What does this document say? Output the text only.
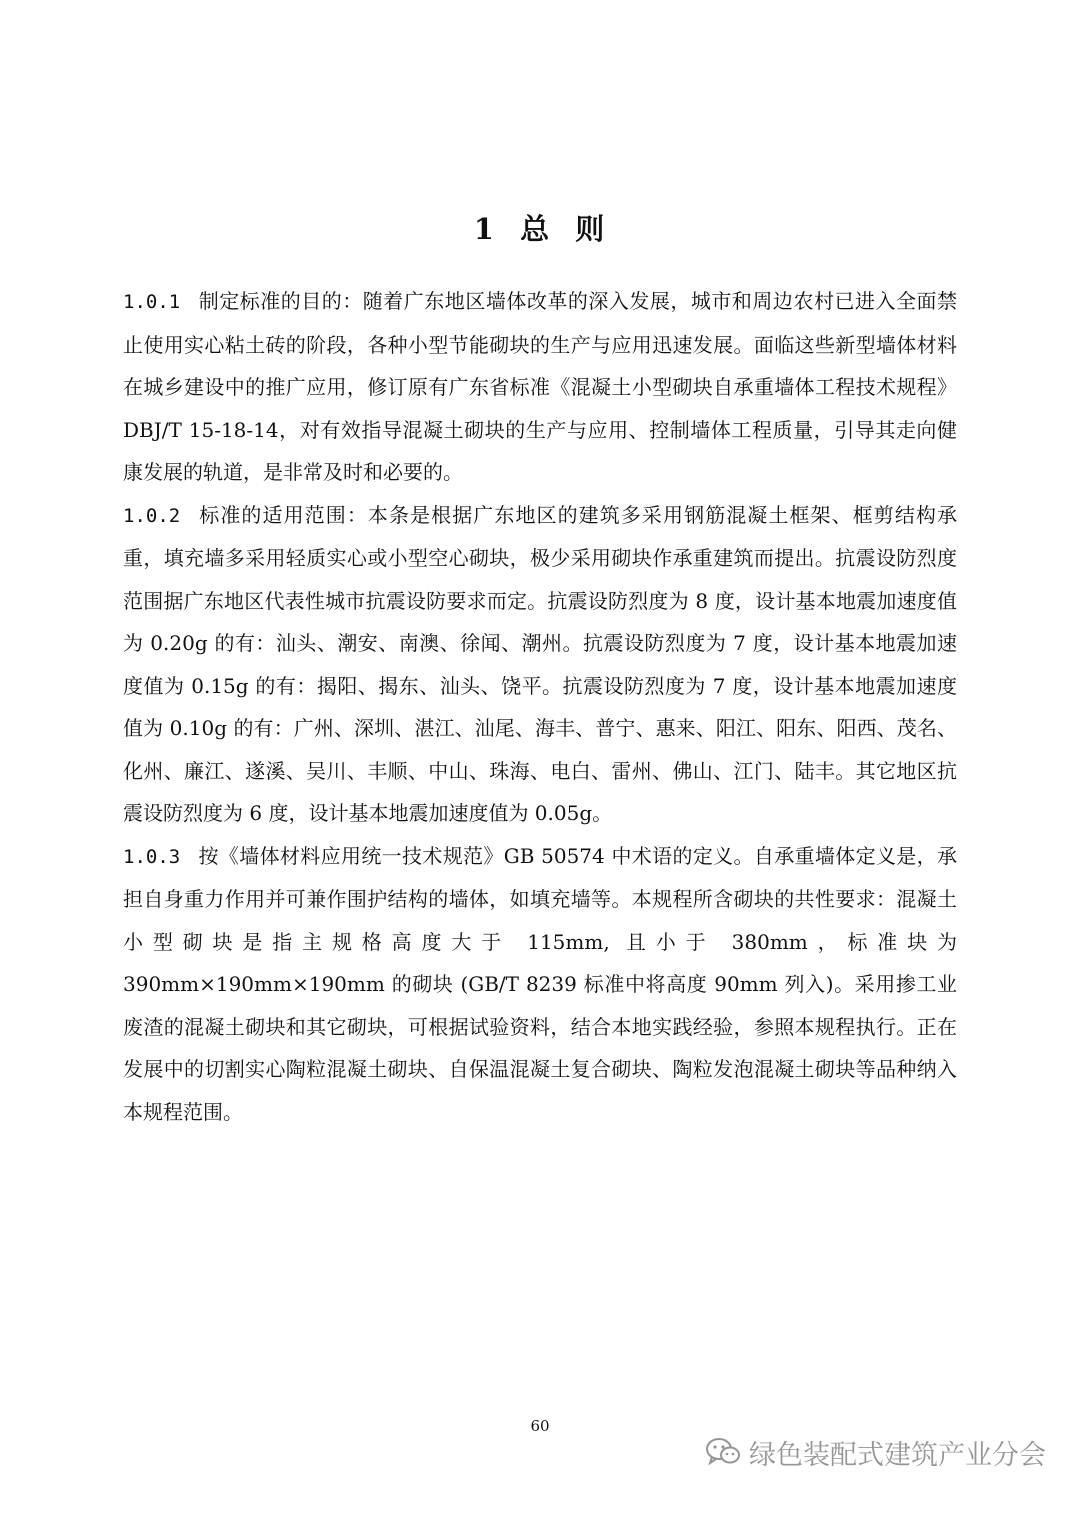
1  总  则

1.0.1 制定标准的目的：随着广东地区墙体改革的深入发展，城市和周边农村已进入全面禁止使用实心粘土砖的阶段，各种小型节能砌块的生产与应用迅速发展。面临这些新型墙体材料在城乡建设中的推广应用，修订原有广东省标准《混凝土小型砌块自承重墙体工程技术规程》DBJ/T 15-18-14，对有效指导混凝土砌块的生产与应用、控制墙体工程质量，引导其走向健康发展的轨道，是非常及时和必要的。

1.0.2 标准的适用范围：本条是根据广东地区的建筑多采用钢筋混凝土框架、框剪结构承重，填充墙多采用轻质实心或小型空心砌块，极少采用砌块作承重建筑而提出。抗震设防烈度范围据广东地区代表性城市抗震设防要求而定。抗震设防烈度为 8 度，设计基本地震加速度值为 0.20g 的有：汕头、潮安、南澳、徐闻、潮州。抗震设防烈度为 7 度，设计基本地震加速度值为 0.15g 的有：揭阳、揭东、汕头、饶平。抗震设防烈度为 7 度，设计基本地震加速度值为 0.10g 的有：广州、深圳、湛江、汕尾、海丰、普宁、惠来、阳江、阳东、阳西、茂名、化州、廉江、遂溪、吴川、丰顺、中山、珠海、电白、雷州、佛山、江门、陆丰。其它地区抗震设防烈度为 6 度，设计基本地震加速度值为 0.05g。

1.0.3 按《墙体材料应用统一技术规范》GB 50574 中术语的定义。自承重墙体定义是，承担自身重力作用并可兼作围护结构的墙体，如填充墙等。本规程所含砌块的共性要求：混凝土小型砌块是指主规格高度大于 115mm, 且小于 380mm，标准块为 390mm×190mm×190mm 的砌块 (GB/T 8239 标准中将高度 90mm 列入)。采用掺工业废渣的混凝土砌块和其它砌块，可根据试验资料，结合本地实践经验，参照本规程执行。正在发展中的切割实心陶粒混凝土砌块、自保温混凝土复合砌块、陶粒发泡混凝土砌块等品种纳入本规程范围。

60
绿色装配式建筑产业分会
